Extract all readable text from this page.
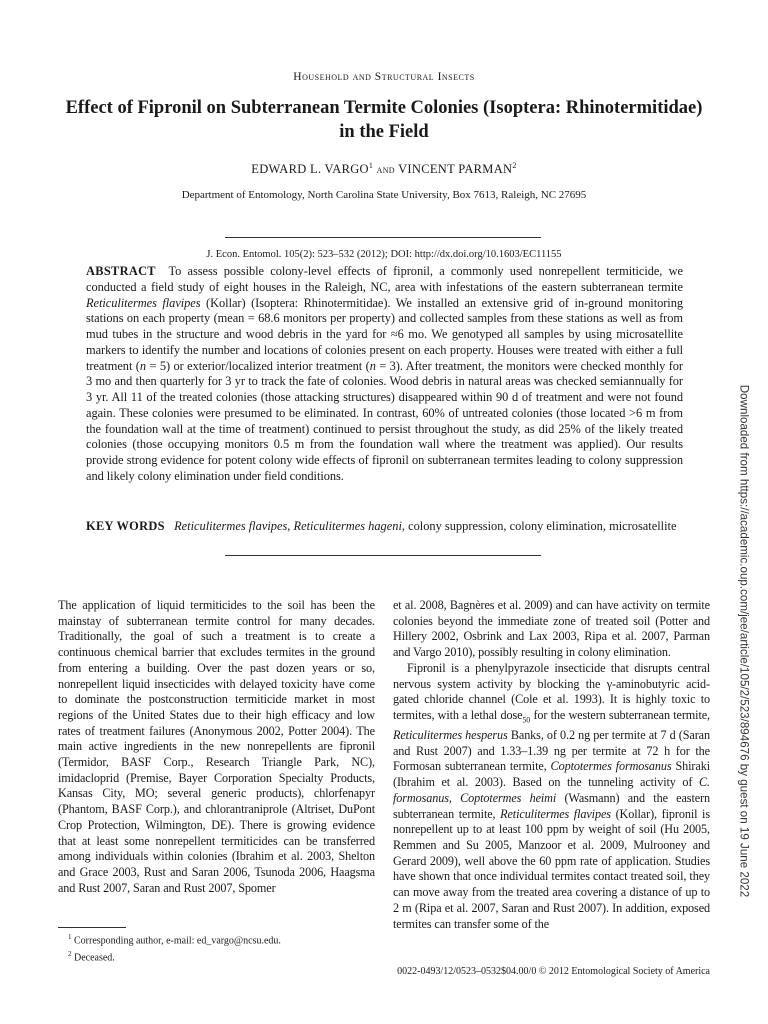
Household and Structural Insects
Effect of Fipronil on Subterranean Termite Colonies (Isoptera: Rhinotermitidae) in the Field
EDWARD L. VARGO$^1$ and VINCENT PARMAN$^2$
Department of Entomology, North Carolina State University, Box 7613, Raleigh, NC 27695
J. Econ. Entomol. 105(2): 523–532 (2012); DOI: http://dx.doi.org/10.1603/EC11155
ABSTRACT To assess possible colony-level effects of fipronil, a commonly used nonrepellent termiticide, we conducted a field study of eight houses in the Raleigh, NC, area with infestations of the eastern subterranean termite Reticulitermes flavipes (Kollar) (Isoptera: Rhinotermitidae). We installed an extensive grid of in-ground monitoring stations on each property (mean = 68.6 monitors per property) and collected samples from these stations as well as from mud tubes in the structure and wood debris in the yard for ≈6 mo. We genotyped all samples by using microsatellite markers to identify the number and locations of colonies present on each property. Houses were treated with either a full treatment (n = 5) or exterior/localized interior treatment (n = 3). After treatment, the monitors were checked monthly for 3 mo and then quarterly for 3 yr to track the fate of colonies. Wood debris in natural areas was checked semiannually for 3 yr. All 11 of the treated colonies (those attacking structures) disappeared within 90 d of treatment and were not found again. These colonies were presumed to be eliminated. In contrast, 60% of untreated colonies (those located >6 m from the foundation wall at the time of treatment) continued to persist throughout the study, as did 25% of the likely treated colonies (those occupying monitors 0.5 m from the foundation wall where the treatment was applied). Our results provide strong evidence for potent colony wide effects of fipronil on subterranean termites leading to colony suppression and likely colony elimination under field conditions.
KEY WORDS Reticulitermes flavipes, Reticulitermes hageni, colony suppression, colony elimination, microsatellite

The application of liquid termiticides to the soil has been the mainstay of subterranean termite control for many decades. Traditionally, the goal of such a treatment is to create a continuous chemical barrier that excludes termites in the ground from entering a building. Over the past dozen years or so, nonrepellent liquid insecticides with delayed toxicity have come to dominate the postconstruction termiticide market in most regions of the United States due to their high efficacy and low rates of treatment failures (Anonymous 2002, Potter 2004). The main active ingredients in the new nonrepellents are fipronil (Termidor, BASF Corp., Research Triangle Park, NC), imidacloprid (Premise, Bayer Corporation Specialty Products, Kansas City, MO; several generic products), chlorfenapyr (Phantom, BASF Corp.), and chlorantraniprole (Altriset, DuPont Crop Protection, Wilmington, DE). There is growing evidence that at least some nonrepellent termiticides can be transferred among individuals within colonies (Ibrahim et al. 2003, Shelton and Grace 2003, Rust and Saran 2006, Tsunoda 2006, Haagsma and Rust 2007, Saran and Rust 2007, Spomer

et al. 2008, Bagnères et al. 2009) and can have activity on termite colonies beyond the immediate zone of treated soil (Potter and Hillery 2002, Osbrink and Lax 2003, Ripa et al. 2007, Parman and Vargo 2010), possibly resulting in colony elimination.

Fipronil is a phenylpyrazole insecticide that disrupts central nervous system activity by blocking the γ-aminobutyric acid-gated chloride channel (Cole et al. 1993). It is highly toxic to termites, with a lethal dose$_{50}$ for the western subterranean termite, Reticulitermes hesperus Banks, of 0.2 ng per termite at 7 d (Saran and Rust 2007) and 1.33–1.39 ng per termite at 72 h for the Formosan subterranean termite, Coptotermes formosanus Shiraki (Ibrahim et al. 2003). Based on the tunneling activity of C. formosanus, Coptotermes heimi (Wasmann) and the eastern subterranean termite, Reticulitermes flavipes (Kollar), fipronil is nonrepellent up to at least 100 ppm by weight of soil (Hu 2005, Remmen and Su 2005, Manzoor et al. 2009, Mulrooney and Gerard 2009), well above the 60 ppm rate of application. Studies have shown that once individual termites contact treated soil, they can move away from the treated area covering a distance of up to 2 m (Ripa et al. 2007, Saran and Rust 2007). In addition, exposed termites can transfer some of the

$^1$ Corresponding author, e-mail: ed_vargo@ncsu.edu.
$^2$ Deceased.
0022-0493/12/0523–0532$04.00/0 © 2012 Entomological Society of America
Downloaded from https://academic.oup.com/jee/article/105/2/523/894676 by guest on 19 June 2022
